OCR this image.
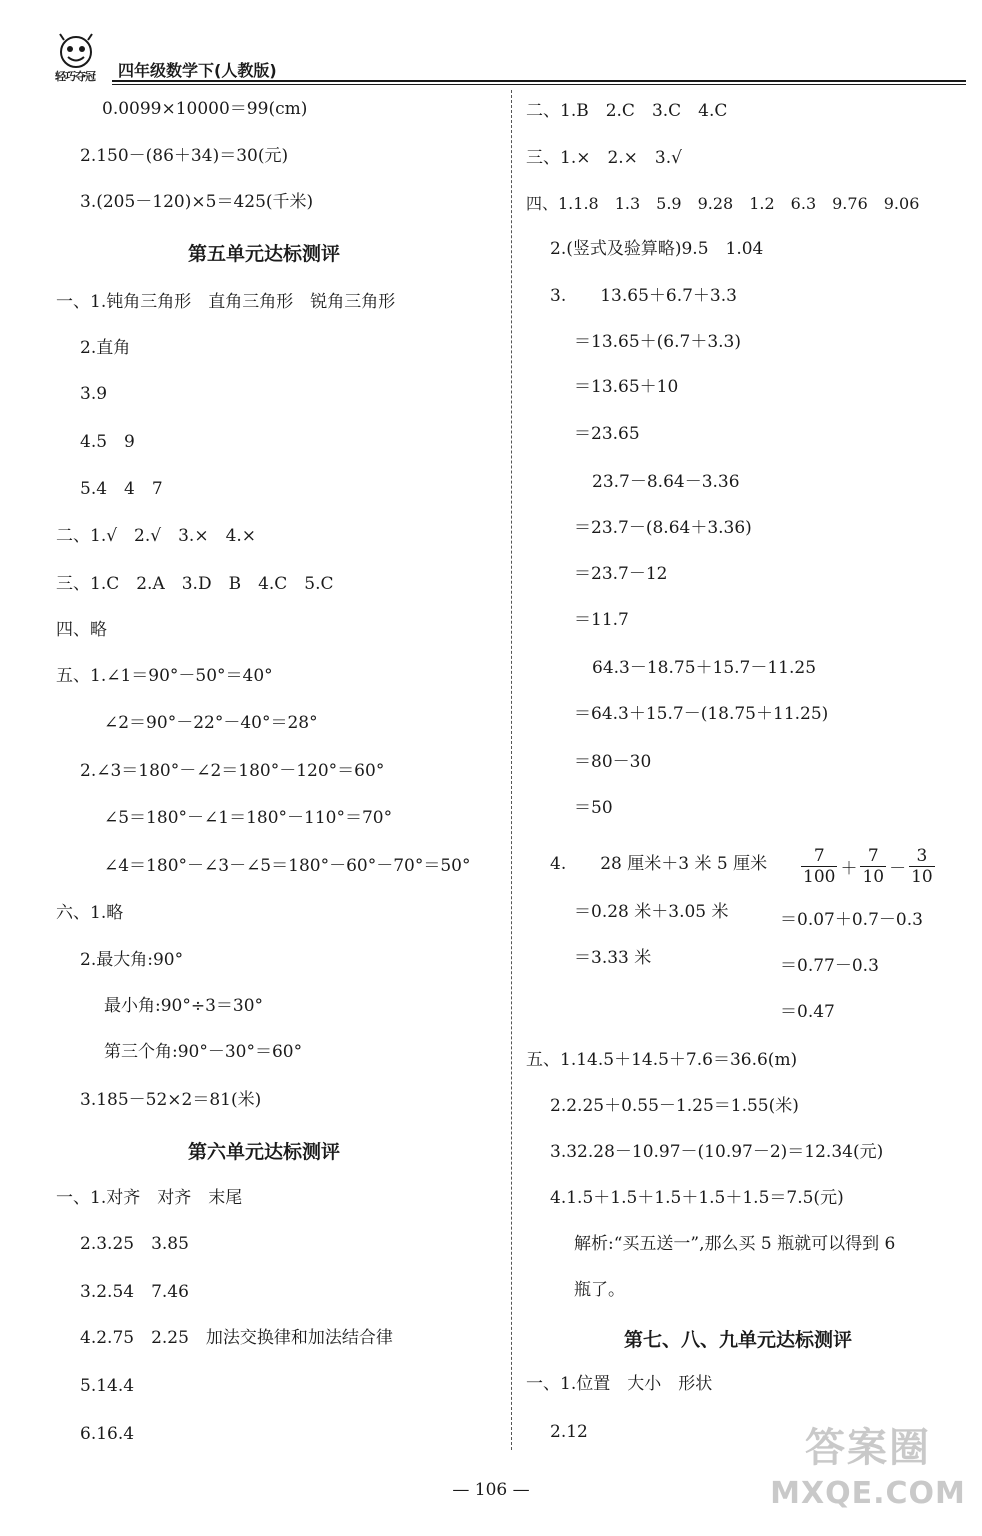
轻巧夺冠	四年级数学下(人教版)
0.0099×10000＝99(cm)
2.150－(86＋34)＝30(元)
3.(205－120)×5＝425(千米)
第五单元达标测评
一、1.钝角三角形　直角三角形　锐角三角形
2.直角
3.9
4.5　9
5.4　4　7
二、1.√　2.√　3.×　4.×
三、1.C　2.A　3.D　B　4.C　5.C
四、略
五、1.∠1＝90°－50°＝40°
∠2＝90°－22°－40°＝28°
2.∠3＝180°－∠2＝180°－120°＝60°
∠5＝180°－∠1＝180°－110°＝70°
∠4＝180°－∠3－∠5＝180°－60°－70°＝50°
六、1.略
2.最大角:90°
最小角:90°÷3＝30°
第三个角:90°－30°＝60°
3.185－52×2＝81(米)
第六单元达标测评
一、1.对齐　对齐　末尾
2.3.25　3.85
3.2.54　7.46
4.2.75　2.25　加法交换律和加法结合律
5.14.4
6.16.4
二、1.B　2.C　3.C　4.C
三、1.×　2.×　3.√
四、1.1.8　1.3　5.9　9.28　1.2　6.3　9.76　9.06
2.(竖式及验算略)9.5　1.04
3.　　13.65＋6.7＋3.3
＝13.65＋(6.7＋3.3)
＝13.65＋10
＝23.65
23.7－8.64－3.36
＝23.7－(8.64＋3.36)
＝23.7－12
＝11.7
64.3－18.75＋15.7－11.25
＝64.3＋15.7－(18.75＋11.25)
＝80－30
＝50
4.　　28 厘米＋3 米 5 厘米 $\frac{7}{100} + \frac{7}{10} - \frac{3}{10}$
＝0.28 米＋3.05 米
＝3.33 米
＝0.07＋0.7－0.3
＝0.77－0.3
＝0.47
五、1.14.5＋14.5＋7.6＝36.6(m)
2.2.25＋0.55－1.25＝1.55(米)
3.32.28－10.97－(10.97－2)＝12.34(元)
4.1.5＋1.5＋1.5＋1.5＋1.5＝7.5(元)
解析:“买五送一”,那么买 5 瓶就可以得到 6
瓶了。
第七、八、九单元达标测评
一、1.位置　大小　形状
2.12
— 106 —
答案圈
MXQE.COM
